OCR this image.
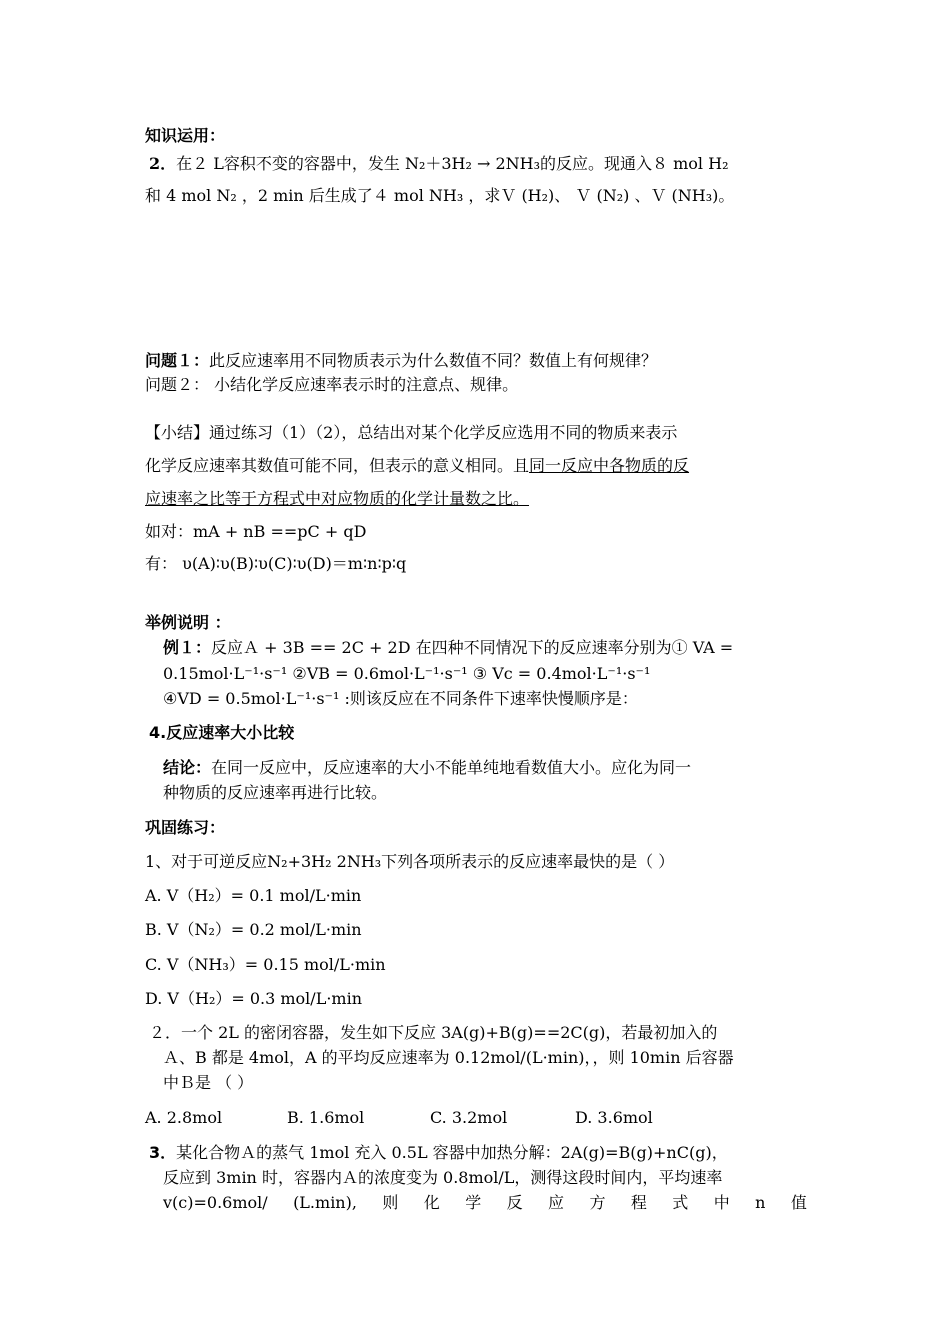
知识运用：
2．在２ L容积不变的容器中，发生 N₂＋3H₂ → 2NH₃的反应。现通入８ mol H₂
和 4 mol N₂ ，2 min 后生成了４ mol NH₃ ，求Ｖ (H₂)、 Ｖ (N₂) 、Ｖ (NH₃)。
问题１：此反应速率用不同物质表示为什么数值不同？数值上有何规律？
问题２： 小结化学反应速率表示时的注意点、规律。
【小结】通过练习（1）（2），总结出对某个化学反应选用不同的物质来表示
化学反应速率其数值可能不同，但表示的意义相同。且同一反应中各物质的反
应速率之比等于方程式中对应物质的化学计量数之比。
如对：mA + nB ==pC + qD
有： υ(A)∶υ(B)∶υ(C)∶υ(D)＝m∶n∶p∶q
举例说明 ：
例１：反应Ａ + 3B == 2C + 2D 在四种不同情况下的反应速率分别为① VA =
0.15mol·L⁻¹·s⁻¹ ②VB = 0.6mol·L⁻¹·s⁻¹ ③ Vc = 0.4mol·L⁻¹·s⁻¹
④VD = 0.5mol·L⁻¹·s⁻¹ :则该反应在不同条件下速率快慢顺序是：
4.反应速率大小比较
结论：在同一反应中，反应速率的大小不能单纯地看数值大小。应化为同一
种物质的反应速率再进行比较。
巩固练习：
1、对于可逆反应N₂+3H₂ 2NH₃下列各项所表示的反应速率最快的是（ ）
A. V（H₂）= 0.1 mol/L·min
B. V（N₂）= 0.2 mol/L·min
C. V（NH₃）= 0.15 mol/L·min
D. V（H₂）= 0.3 mol/L·min
２．一个 2L 的密闭容器，发生如下反应 3A(g)+B(g)==2C(g)，若最初加入的
Ａ、B 都是 4mol，A 的平均反应速率为 0.12mol/(L·min)，，则 10min 后容器
中Ｂ是 （ ）
A. 2.8mol	B. 1.6mol	C. 3.2mol	D. 3.6mol
3．某化合物Ａ的蒸气 1mol 充入 0.5L 容器中加热分解：2A(g)=B(g)+nC(g)，
反应到 3min 时，容器内Ａ的浓度变为 0.8mol/L，测得这段时间内，平均速率
v(c)=0.6mol/ (L.min), 则 化 学 反 应 方 程 式 中 n 值
